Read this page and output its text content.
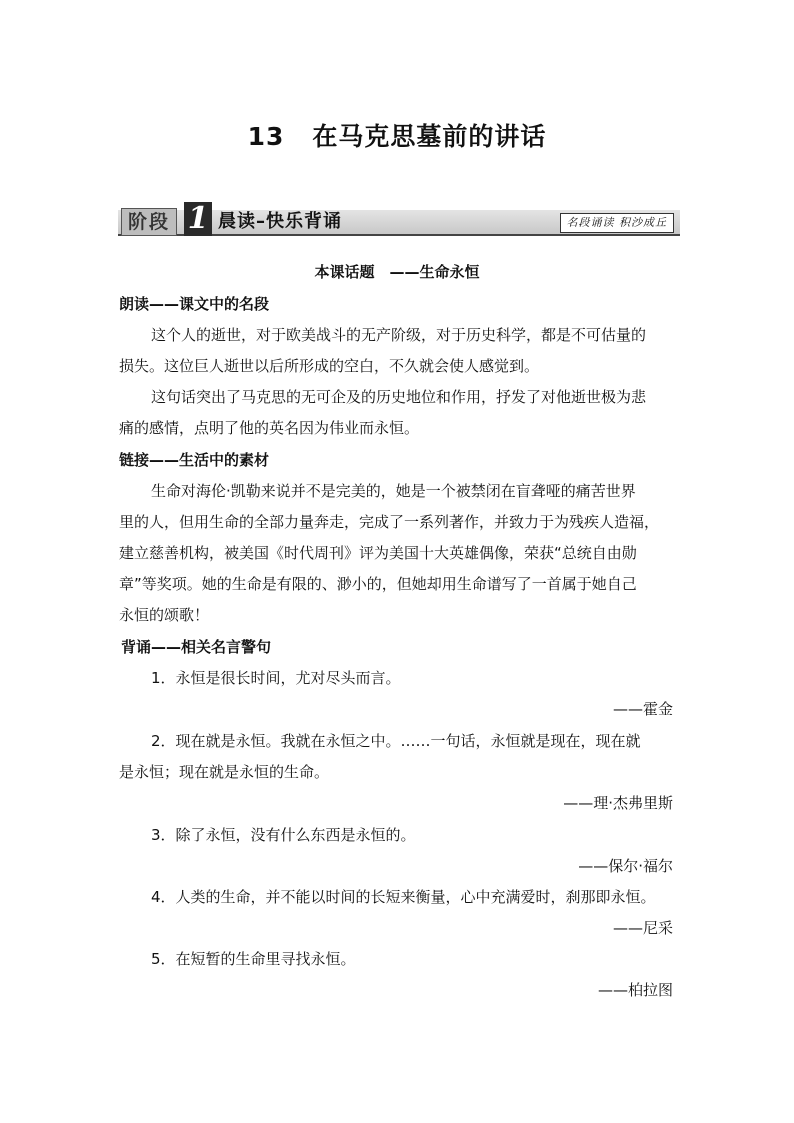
13 在马克思墓前的讲话
阶段 1 晨读–快乐背诵	名段诵读 积沙成丘
本课话题　——生命永恒
朗读——课文中的名段
这个人的逝世，对于欧美战斗的无产阶级，对于历史科学，都是不可估量的
损失。这位巨人逝世以后所形成的空白，不久就会使人感觉到。
这句话突出了马克思的无可企及的历史地位和作用，抒发了对他逝世极为悲
痛的感情，点明了他的英名因为伟业而永恒。
链接——生活中的素材
生命对海伦·凯勒来说并不是完美的，她是一个被禁闭在盲聋哑的痛苦世界
里的人，但用生命的全部力量奔走，完成了一系列著作，并致力于为残疾人造福，
建立慈善机构，被美国《时代周刊》评为美国十大英雄偶像，荣获“总统自由勋
章”等奖项。她的生命是有限的、渺小的，但她却用生命谱写了一首属于她自己
永恒的颂歌！
背诵——相关名言警句
1．永恒是很长时间，尤对尽头而言。
——霍金
2．现在就是永恒。我就在永恒之中。……一句话，永恒就是现在，现在就
是永恒；现在就是永恒的生命。
——理·杰弗里斯
3．除了永恒，没有什么东西是永恒的。
——保尔·福尔
4．人类的生命，并不能以时间的长短来衡量，心中充满爱时，刹那即永恒。
——尼采
5．在短暂的生命里寻找永恒。
——柏拉图
